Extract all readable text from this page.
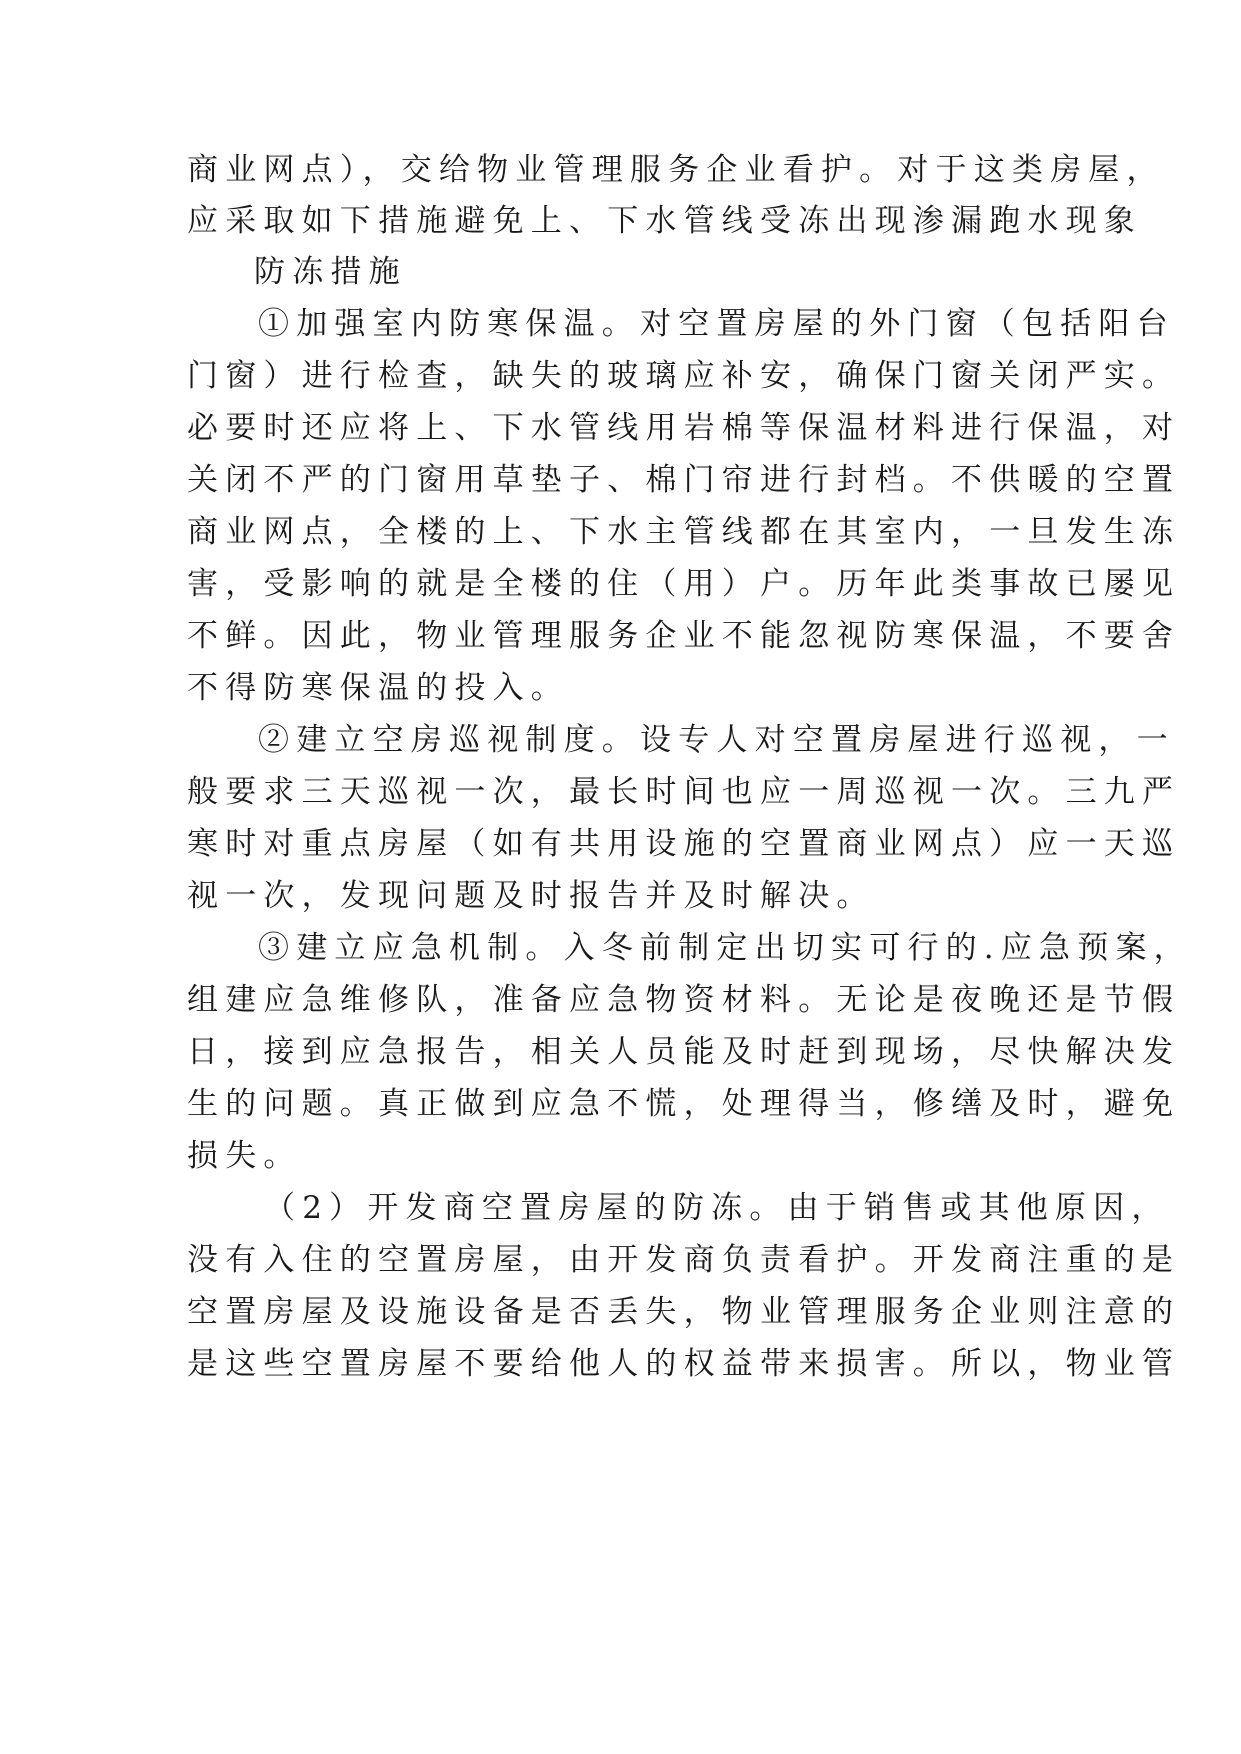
商业网点），交给物业管理服务企业看护。对于这类房屋，
应采取如下措施避免上、下水管线受冻出现渗漏跑水现象
防冻措施
①加强室内防寒保温。对空置房屋的外门窗（包括阳台
门窗）进行检查，缺失的玻璃应补安，确保门窗关闭严实。
必要时还应将上、下水管线用岩棉等保温材料进行保温，对
关闭不严的门窗用草垫子、棉门帘进行封档。不供暖的空置
商业网点，全楼的上、下水主管线都在其室内，一旦发生冻
害，受影响的就是全楼的住（用）户。历年此类事故已屡见
不鲜。因此，物业管理服务企业不能忽视防寒保温，不要舍
不得防寒保温的投入。
②建立空房巡视制度。设专人对空置房屋进行巡视，一
般要求三天巡视一次，最长时间也应一周巡视一次。三九严
寒时对重点房屋（如有共用设施的空置商业网点）应一天巡
视一次，发现问题及时报告并及时解决。
③建立应急机制。入冬前制定出切实可行的.应急预案，
组建应急维修队，准备应急物资材料。无论是夜晚还是节假
日，接到应急报告，相关人员能及时赶到现场，尽快解决发
生的问题。真正做到应急不慌，处理得当，修缮及时，避免
损失。
（2）开发商空置房屋的防冻。由于销售或其他原因，
没有入住的空置房屋，由开发商负责看护。开发商注重的是
空置房屋及设施设备是否丢失，物业管理服务企业则注意的
是这些空置房屋不要给他人的权益带来损害。所以，物业管
